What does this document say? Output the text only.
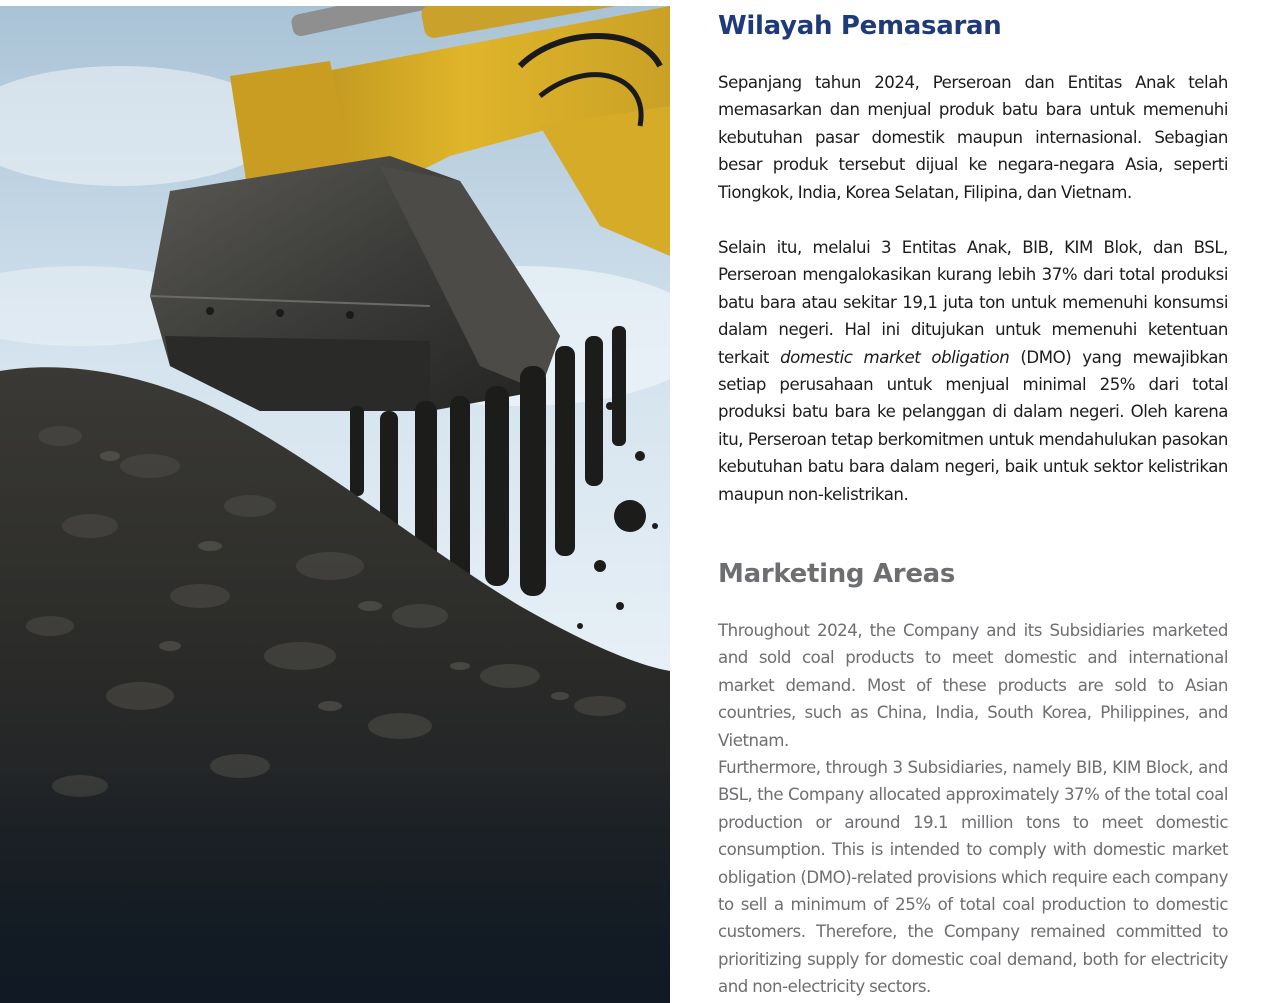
Wilayah Pemasaran

Sepanjang tahun 2024, Perseroan dan Entitas Anak telah memasarkan dan menjual produk batu bara untuk memenuhi kebutuhan pasar domestik maupun internasional. Sebagian besar produk tersebut dijual ke negara-negara Asia, seperti Tiongkok, India, Korea Selatan, Filipina, dan Vietnam.

Selain itu, melalui 3 Entitas Anak, BIB, KIM Blok, dan BSL, Perseroan mengalokasikan kurang lebih 37% dari total produksi batu bara atau sekitar 19,1 juta ton untuk memenuhi konsumsi dalam negeri. Hal ini ditujukan untuk memenuhi ketentuan terkait domestic market obligation (DMO) yang mewajibkan setiap perusahaan untuk menjual minimal 25% dari total produksi batu bara ke pelanggan di dalam negeri. Oleh karena itu, Perseroan tetap berkomitmen untuk mendahulukan pasokan kebutuhan batu bara dalam negeri, baik untuk sektor kelistrikan maupun non-kelistrikan.

Marketing Areas

Throughout 2024, the Company and its Subsidiaries marketed and sold coal products to meet domestic and international market demand. Most of these products are sold to Asian countries, such as China, India, South Korea, Philippines, and Vietnam.

Furthermore, through 3 Subsidiaries, namely BIB, KIM Block, and BSL, the Company allocated approximately 37% of the total coal production or around 19.1 million tons to meet domestic consumption. This is intended to comply with domestic market obligation (DMO)-related provisions which require each company to sell a minimum of 25% of total coal production to domestic customers. Therefore, the Company remained committed to prioritizing supply for domestic coal demand, both for electricity and non-electricity sectors.
